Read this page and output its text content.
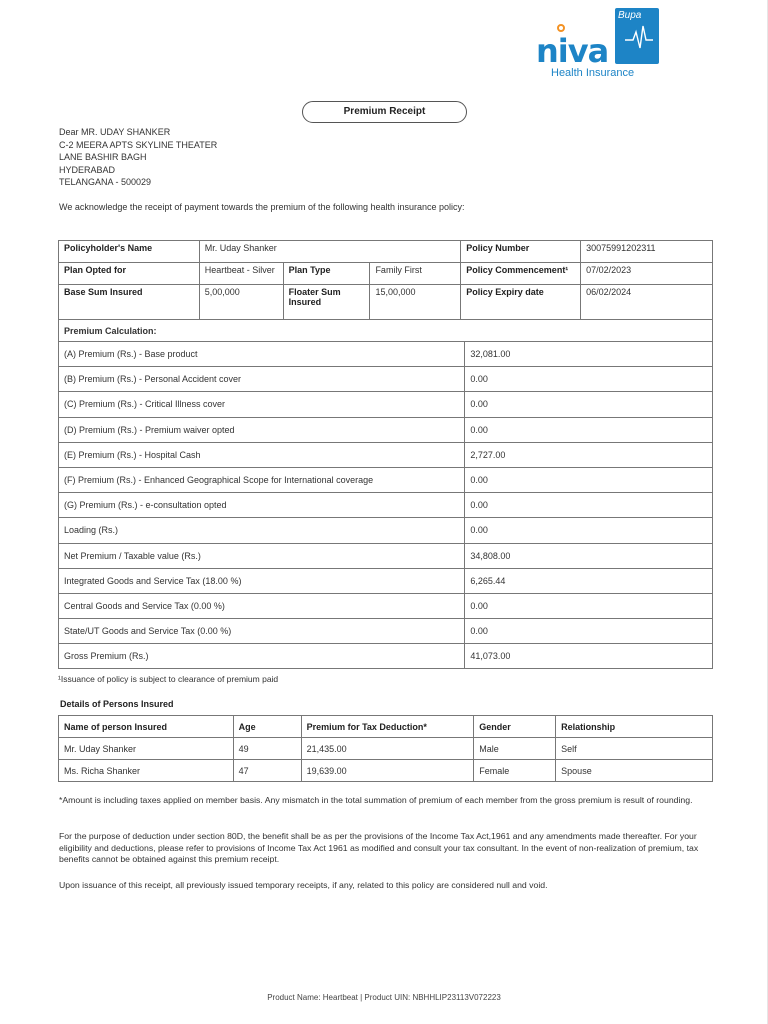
Bupa
niva
Health Insurance
Premium Receipt
Dear MR. UDAY SHANKER
C-2 MEERA APTS SKYLINE THEATER
LANE BASHIR BAGH
HYDERABAD
TELANGANA - 500029
We acknowledge the receipt of payment towards the premium of the following health insurance policy:
Policyholder's Name	Mr. Uday Shanker			Policy Number	30075991202311
Plan Opted for	Heartbeat - Silver	Plan Type	Family First	Policy Commencement¹	07/02/2023
Base Sum Insured	5,00,000	Floater Sum Insured	15,00,000	Policy Expiry date	06/02/2024
Premium Calculation:	
(A) Premium (Rs.) - Base product	32,081.00
(B) Premium (Rs.) - Personal Accident cover	0.00
(C) Premium (Rs.) - Critical Illness cover	0.00
(D) Premium (Rs.) - Premium waiver opted	0.00
(E) Premium (Rs.) - Hospital Cash	2,727.00
(F) Premium (Rs.) - Enhanced Geographical Scope for International coverage	0.00
(G) Premium (Rs.) - e-consultation opted	0.00
Loading (Rs.)	0.00
Net Premium / Taxable value (Rs.)	34,808.00
Integrated Goods and Service Tax (18.00 %)	6,265.44
Central Goods and Service Tax (0.00 %)	0.00
State/UT Goods and Service Tax (0.00 %)	0.00
Gross Premium (Rs.)	41,073.00
¹Issuance of policy is subject to clearance of premium paid
Details of Persons Insured
Name of person Insured	Age	Premium for Tax Deduction*	Gender	Relationship
Mr. Uday Shanker	49	21,435.00	Male	Self
Ms. Richa Shanker	47	19,639.00	Female	Spouse
*Amount is including taxes applied on member basis. Any mismatch in the total summation of premium of each member from the gross premium is result of rounding.
For the purpose of deduction under section 80D, the benefit shall be as per the provisions of the Income Tax Act,1961 and any amendments made thereafter. For your eligibility and deductions, please refer to provisions of Income Tax Act 1961 as modified and consult your tax consultant. In the event of non-realization of premium, tax benefits cannot be obtained against this premium receipt.
Upon issuance of this receipt, all previously issued temporary receipts, if any, related to this policy are considered null and void.
Product Name: Heartbeat | Product UIN: NBHHLIP23113V072223
